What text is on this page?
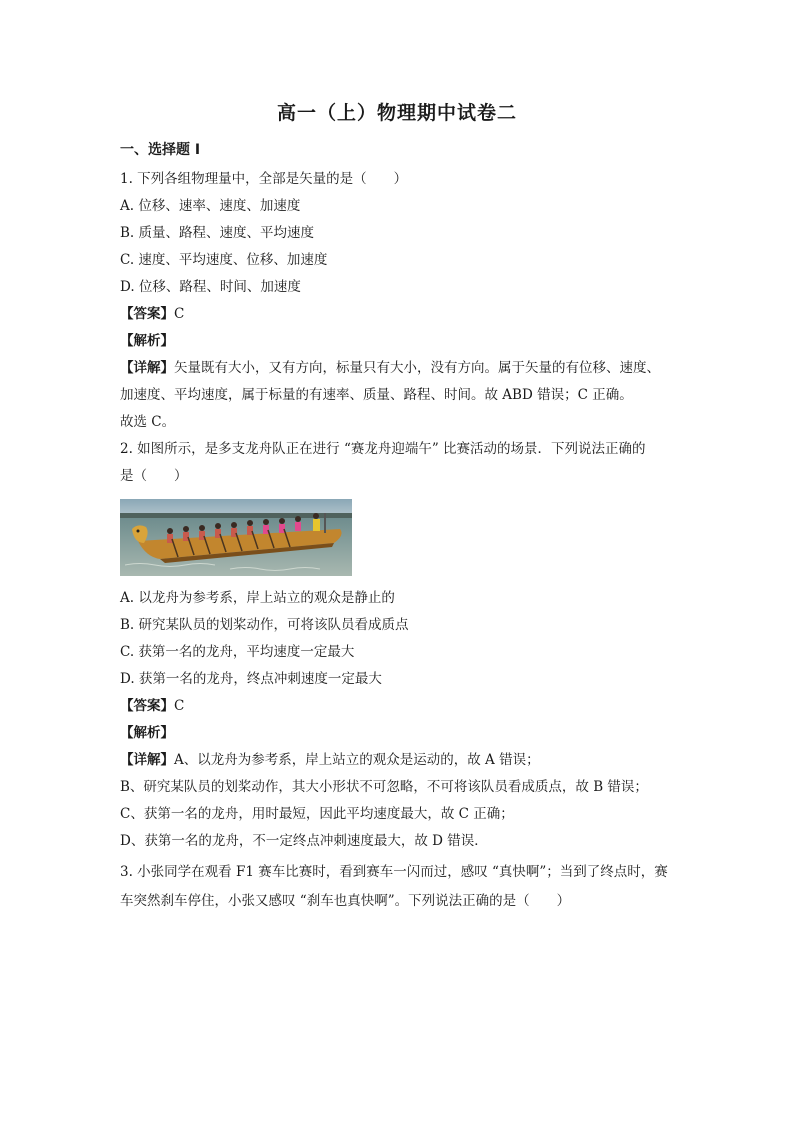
高一（上）物理期中试卷二
一、选择题 I
1. 下列各组物理量中，全部是矢量的是（　　）
A. 位移、速率、速度、加速度
B. 质量、路程、速度、平均速度
C. 速度、平均速度、位移、加速度
D. 位移、路程、时间、加速度
【答案】C
【解析】
【详解】矢量既有大小，又有方向，标量只有大小，没有方向。属于矢量的有位移、速度、
加速度、平均速度，属于标量的有速率、质量、路程、时间。故 ABD 错误；C 正确。
故选 C。
2. 如图所示，是多支龙舟队正在进行 “赛龙舟迎端午” 比赛活动的场景．下列说法正确的
是（　　）
A. 以龙舟为参考系，岸上站立的观众是静止的
B. 研究某队员的划桨动作，可将该队员看成质点
C. 获第一名的龙舟，平均速度一定最大
D. 获第一名的龙舟，终点冲刺速度一定最大
【答案】C
【解析】
【详解】A、以龙舟为参考系，岸上站立的观众是运动的，故 A 错误；
B、研究某队员的划桨动作，其大小形状不可忽略，不可将该队员看成质点，故 B 错误；
C、获第一名的龙舟，用时最短，因此平均速度最大，故 C 正确；
D、获第一名的龙舟，不一定终点冲刺速度最大，故 D 错误．
3. 小张同学在观看 F1 赛车比赛时，看到赛车一闪而过，感叹 “真快啊”；当到了终点时，赛
车突然刹车停住，小张又感叹 “刹车也真快啊”。下列说法正确的是（　　）
